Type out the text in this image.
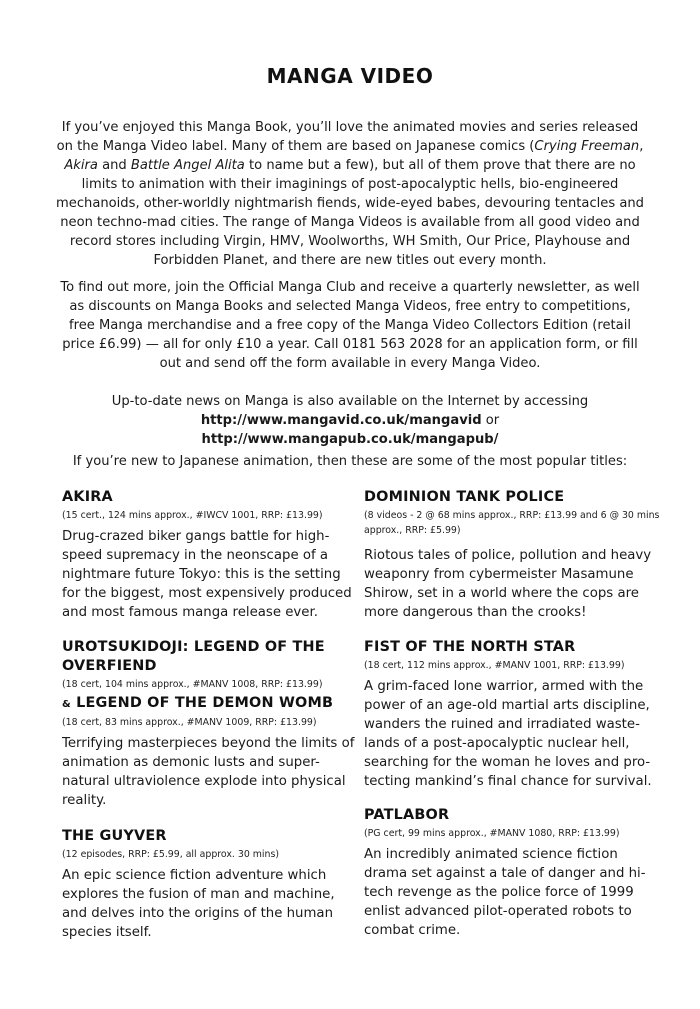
MANGA VIDEO
If you’ve enjoyed this Manga Book, you’ll love the animated movies and series released on the Manga Video label. Many of them are based on Japanese comics (Crying Freeman, Akira and Battle Angel Alita to name but a few), but all of them prove that there are no limits to animation with their imaginings of post-apocalyptic hells, bio-engineered mechanoids, other-worldly nightmarish fiends, wide-eyed babes, devouring tentacles and neon techno-mad cities. The range of Manga Videos is available from all good video and record stores including Virgin, HMV, Woolworths, WH Smith, Our Price, Playhouse and Forbidden Planet, and there are new titles out every month.
To find out more, join the Official Manga Club and receive a quarterly newsletter, as well as discounts on Manga Books and selected Manga Videos, free entry to competitions, free Manga merchandise and a free copy of the Manga Video Collectors Edition (retail price £6.99) — all for only £10 a year. Call 0181 563 2028 for an application form, or fill out and send off the form available in every Manga Video.
Up-to-date news on Manga is also available on the Internet by accessing
http://www.mangavid.co.uk/mangavid or http://www.mangapub.co.uk/mangapub/
If you’re new to Japanese animation, then these are some of the most popular titles:
AKIRA
(15 cert., 124 mins approx., #IWCV 1001, RRP: £13.99)
Drug-crazed biker gangs battle for high-speed supremacy in the neonscape of a nightmare future Tokyo: this is the setting for the biggest, most expensively produced and most famous manga release ever.
UROTSUKIDOJI: LEGEND OF THE OVERFIEND
(18 cert, 104 mins approx., #MANV 1008, RRP: £13.99)
& LEGEND OF THE DEMON WOMB
(18 cert, 83 mins approx., #MANV 1009, RRP: £13.99)
Terrifying masterpieces beyond the limits of animation as demonic lusts and super-natural ultraviolence explode into physical reality.
THE GUYVER
(12 episodes, RRP: £5.99, all approx. 30 mins)
An epic science fiction adventure which explores the fusion of man and machine, and delves into the origins of the human species itself.
DOMINION TANK POLICE
(8 videos - 2 @ 68 mins approx., RRP: £13.99 and 6 @ 30 mins approx., RRP: £5.99)
Riotous tales of police, pollution and heavy weaponry from cybermeister Masamune Shirow, set in a world where the cops are more dangerous than the crooks!
FIST OF THE NORTH STAR
(18 cert, 112 mins approx., #MANV 1001, RRP: £13.99)
A grim-faced lone warrior, armed with the power of an age-old martial arts discipline, wanders the ruined and irradiated waste-lands of a post-apocalyptic nuclear hell, searching for the woman he loves and pro-tecting mankind’s final chance for survival.
PATLABOR
(PG cert, 99 mins approx., #MANV 1080, RRP: £13.99)
An incredibly animated science fiction drama set against a tale of danger and hi-tech revenge as the police force of 1999 enlist advanced pilot-operated robots to combat crime.
